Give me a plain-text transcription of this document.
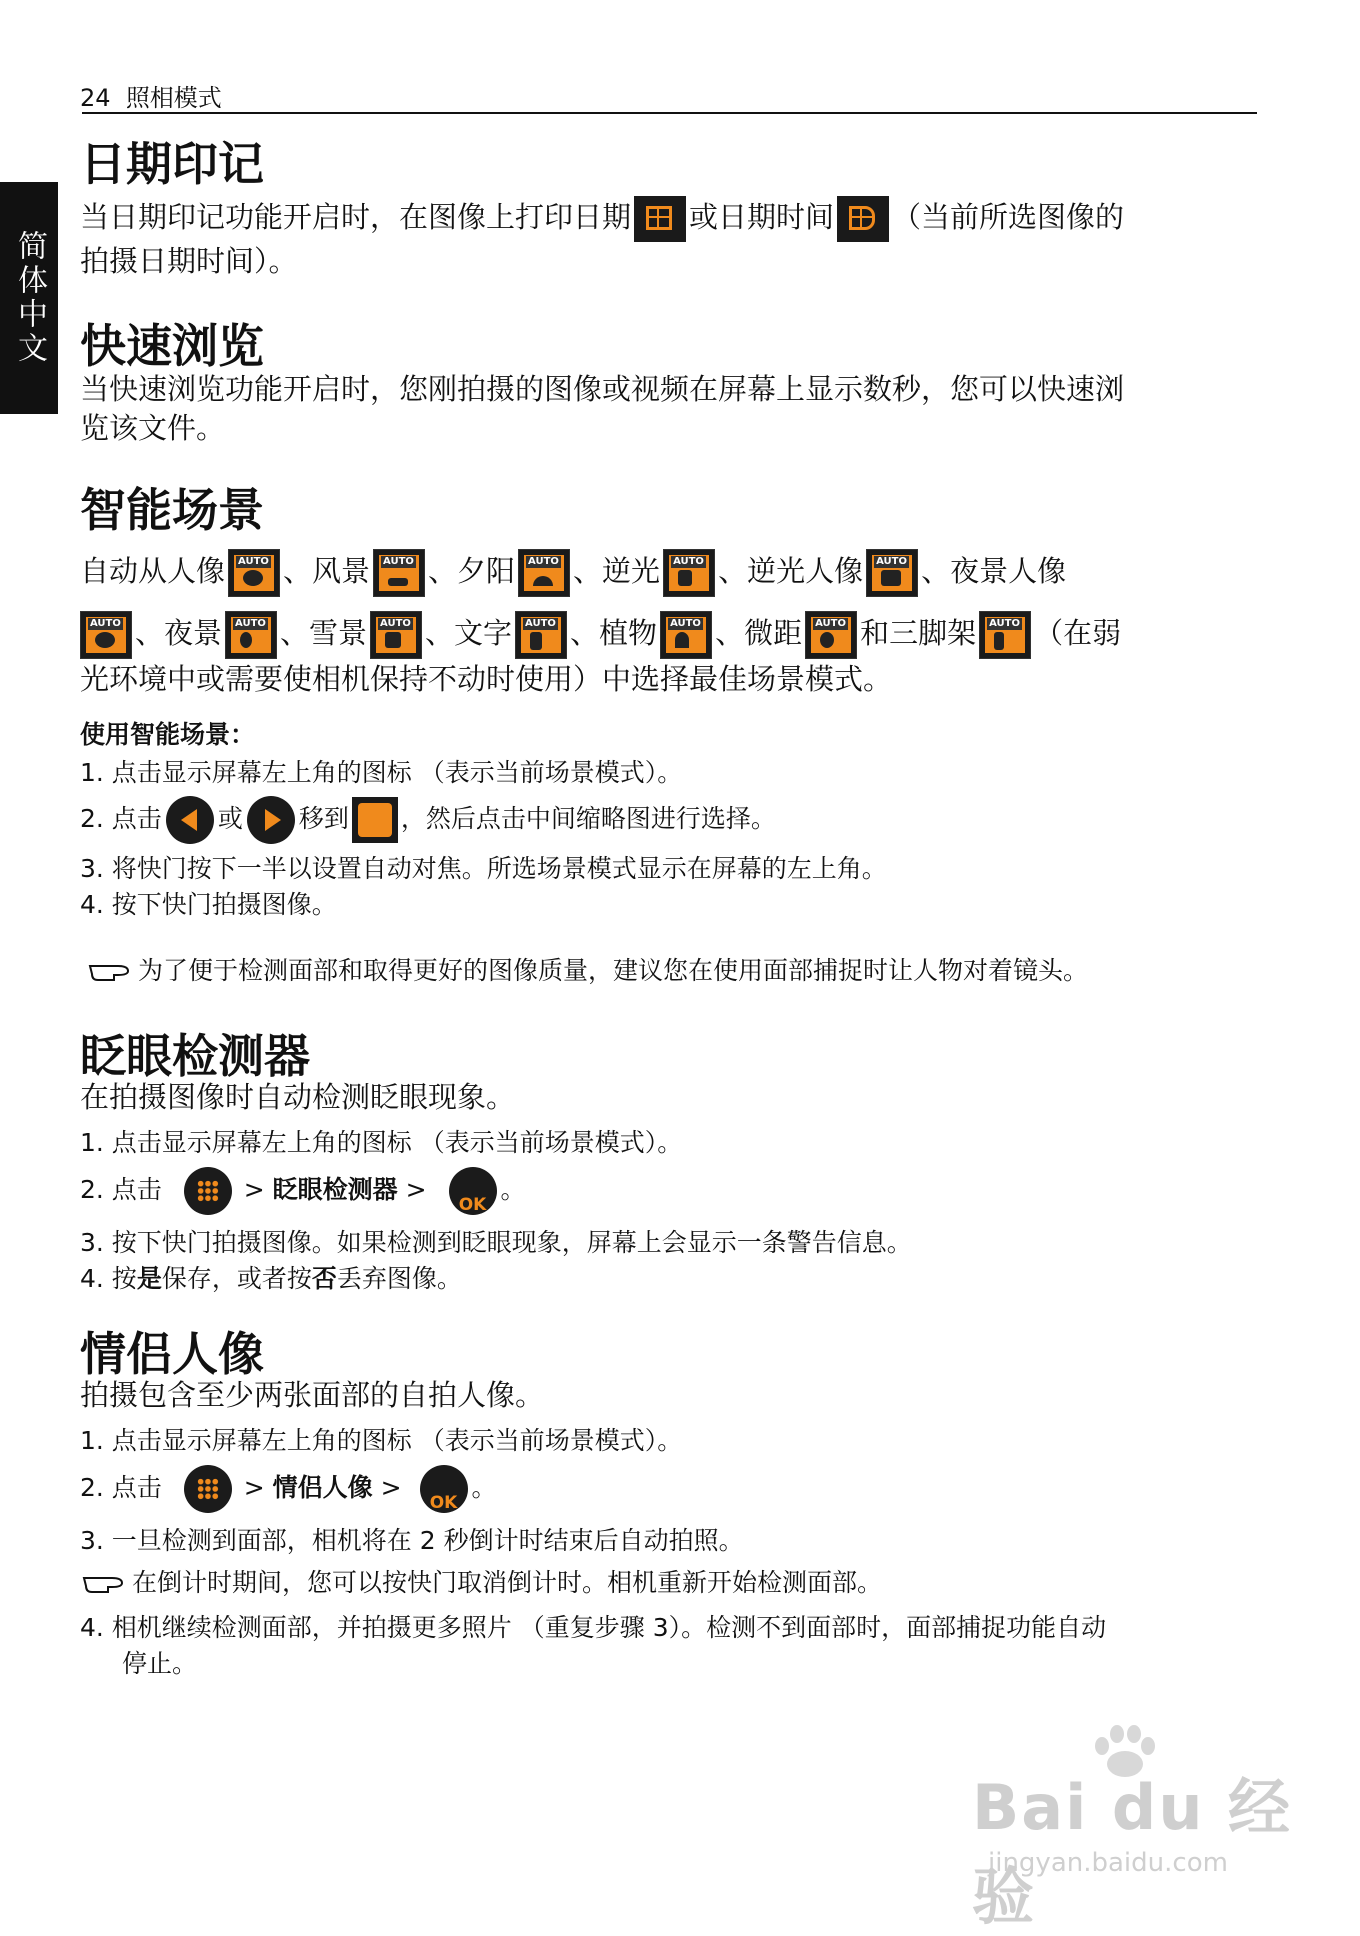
24 照相模式
简体中文
日期印记
当日期印记功能开启时，在图像上打印日期 或日期时间 （当前所选图像的
拍摄日期时间）。
快速浏览
当快速浏览功能开启时，您刚拍摄的图像或视频在屏幕上显示数秒，您可以快速浏
览该文件。
智能场景
自动从人像 AUTO 、风景 AUTO 、夕阳 AUTO 、逆光 AUTO 、逆光人像 AUTO 、夜景人像

AUTO 、夜景 AUTO 、雪景 AUTO 、文字 AUTO 、植物 AUTO 、微距 AUTO 和三脚架 AUTO （在弱
光环境中或需要使相机保持不动时使用）中选择最佳场景模式。
使用智能场景：
1. 点击显示屏幕左上角的图标 （表示当前场景模式）。
2. 点击 或 移到 ，然后点击中间缩略图进行选择。
3. 将快门按下一半以设置自动对焦。所选场景模式显示在屏幕的左上角。
4. 按下快门拍摄图像。
为了便于检测面部和取得更好的图像质量，建议您在使用面部捕捉时让人物对着镜头。
眨眼检测器
在拍摄图像时自动检测眨眼现象。
1. 点击显示屏幕左上角的图标 （表示当前场景模式）。
2. 点击	> 眨眼检测器 >
OK
。
3. 按下快门拍摄图像。如果检测到眨眼现象，屏幕上会显示一条警告信息。
4. 按是保存，或者按否丢弃图像。
情侣人像
拍摄包含至少两张面部的自拍人像。
1. 点击显示屏幕左上角的图标 （表示当前场景模式）。
2. 点击	> 情侣人像 >
OK
。
3. 一旦检测到面部，相机将在 2 秒倒计时结束后自动拍照。
在倒计时期间，您可以按快门取消倒计时。相机重新开始检测面部。
4. 相机继续检测面部，并拍摄更多照片 （重复步骤 3）。检测不到面部时，面部捕捉功能自动
停止。
Bai du 经验
jingyan.baidu.com
